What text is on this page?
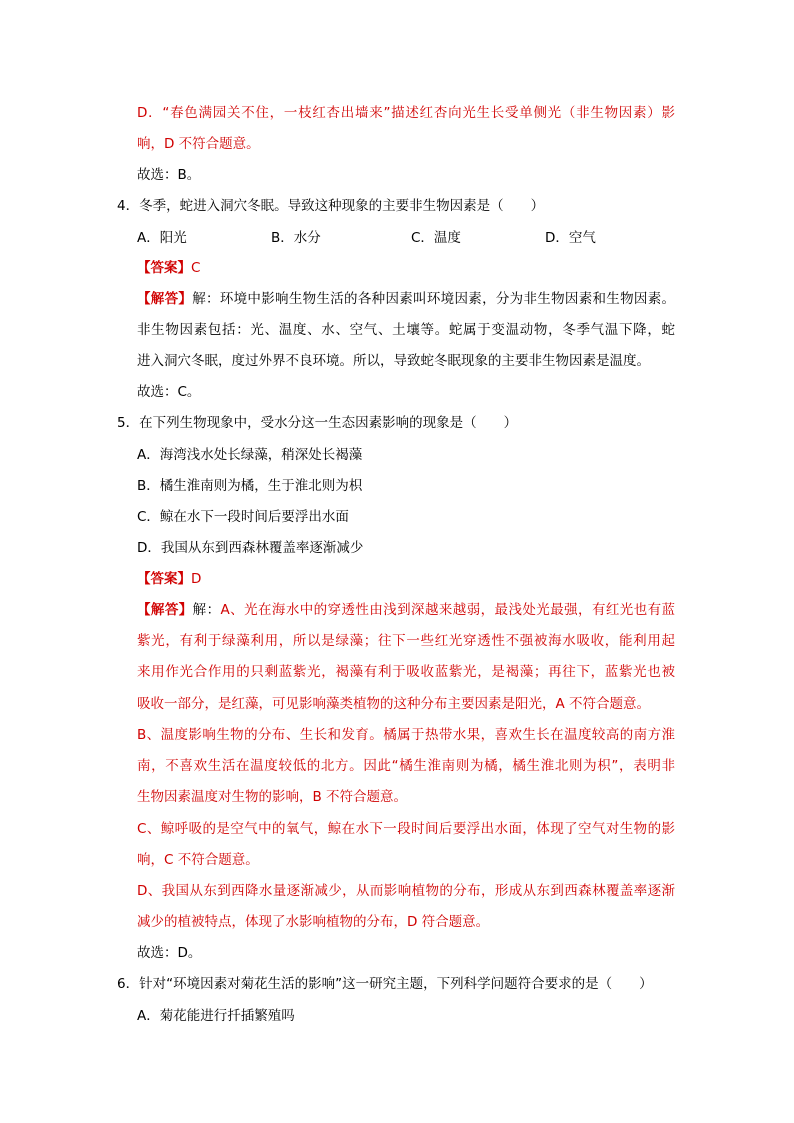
D．“春色满园关不住，一枝红杏出墙来”描述红杏向光生长受单侧光（非生物因素）影
响，D 不符合题意。
故选：B。
4．冬季，蛇进入洞穴冬眠。导致这种现象的主要非生物因素是（　　）
A．阳光	B．水分	C．温度	D．空气
【答案】C
【解答】解：环境中影响生物生活的各种因素叫环境因素，分为非生物因素和生物因素。
非生物因素包括：光、温度、水、空气、土壤等。蛇属于变温动物，冬季气温下降，蛇
进入洞穴冬眠，度过外界不良环境。所以，导致蛇冬眠现象的主要非生物因素是温度。
故选：C。
5．在下列生物现象中，受水分这一生态因素影响的现象是（　　）
A．海湾浅水处长绿藻，稍深处长褐藻
B．橘生淮南则为橘，生于淮北则为枳
C．鲸在水下一段时间后要浮出水面
D．我国从东到西森林覆盖率逐渐减少
【答案】D
【解答】解：A、光在海水中的穿透性由浅到深越来越弱，最浅处光最强，有红光也有蓝
紫光，有利于绿藻利用，所以是绿藻；往下一些红光穿透性不强被海水吸收，能利用起
来用作光合作用的只剩蓝紫光，褐藻有利于吸收蓝紫光，是褐藻；再往下，蓝紫光也被
吸收一部分，是红藻，可见影响藻类植物的这种分布主要因素是阳光，A 不符合题意。
B、温度影响生物的分布、生长和发育。橘属于热带水果，喜欢生长在温度较高的南方淮
南，不喜欢生活在温度较低的北方。因此“橘生淮南则为橘，橘生淮北则为枳”，表明非
生物因素温度对生物的影响，B 不符合题意。
C、鲸呼吸的是空气中的氧气，鲸在水下一段时间后要浮出水面，体现了空气对生物的影
响，C 不符合题意。
D、我国从东到西降水量逐渐减少，从而影响植物的分布，形成从东到西森林覆盖率逐渐
减少的植被特点，体现了水影响植物的分布，D 符合题意。
故选：D。
6．针对“环境因素对菊花生活的影响”这一研究主题，下列科学问题符合要求的是（　　）
A．菊花能进行扦插繁殖吗
